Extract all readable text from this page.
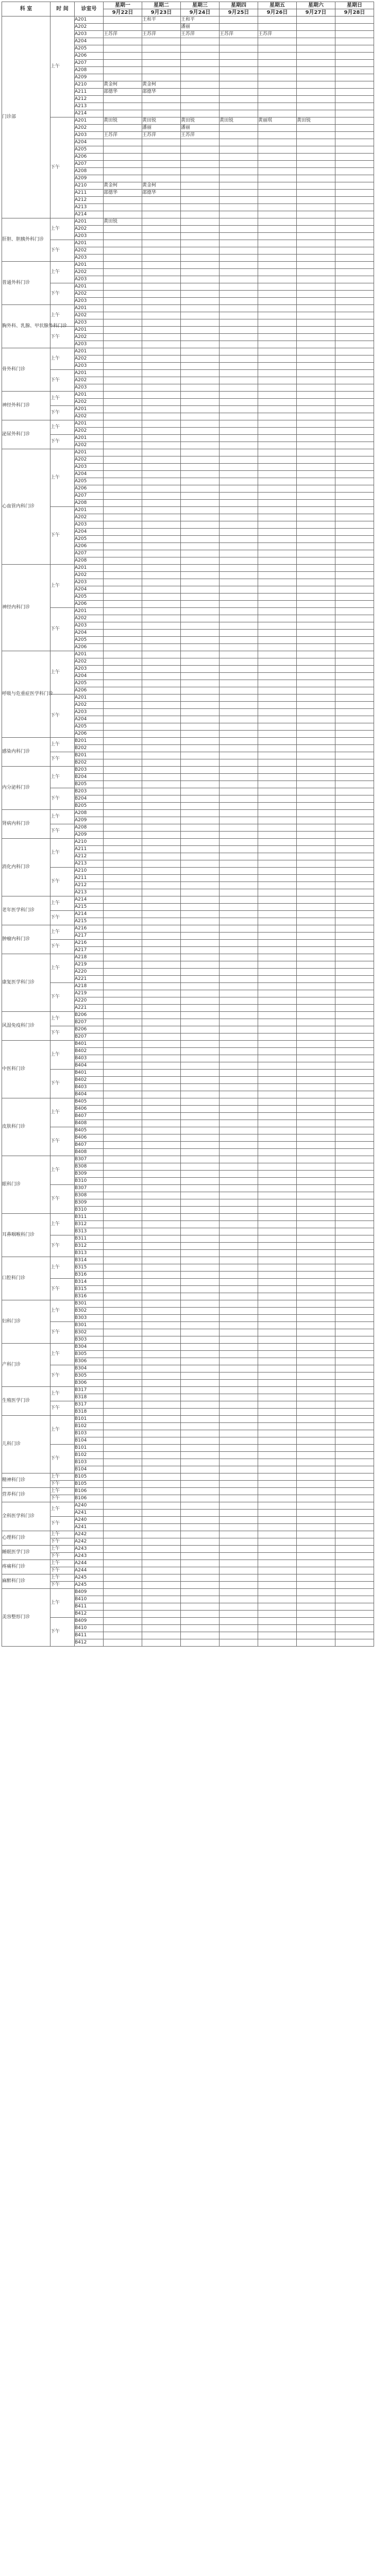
科 室	时 间	诊室号	星期一	星期二	星期三	星期四	星期五	星期六	星期日
			9月22日	9月23日	9月24日	9月25日	9月26日	9月27日	9月28日
门诊部	上午	A201		王和平	王和平				
		A202			潘丽				
		A203	王苏萍	王苏萍	王苏萍	王苏萍	王苏萍		
		A204							
		A205							
		A206							
		A207							
		A208							
		A209							
		A210	黄金柯	黄金柯					
		A211	邵德华	邵德华					
		A212							
		A213							
		A214							
	下午	A201	黄田锐	黄田锐	黄田锐	黄田锐	黄丽琪	黄田锐	
		A202		潘丽	潘丽				
		A203	王苏萍	王苏萍	王苏萍				
		A204							
		A205							
		A206							
		A207							
		A208							
		A209							
		A210	黄金柯	黄金柯					
		A211	邵德华	邵德华					
		A212							
		A213							
		A214							
肝胆、胆胰外科门诊	上午	A201	黄田锐						
		A202							
		A203							
	下午	A201							
		A202							
		A203							
普通外科门诊	上午	A201							
		A202							
		A203							
	下午	A201							
		A202							
		A203							
胸外科、乳腺、甲状腺外科门诊	上午	A201							
		A202							
		A203							
	下午	A201							
		A202							
		A203							
骨外科门诊	上午	A201							
		A202							
		A203							
	下午	A201							
		A202							
		A203							
神经外科门诊	上午	A201							
		A202							
	下午	A201							
		A202							
泌尿外科门诊	上午	A201							
		A202							
	下午	A201							
		A202							
心血管内科门诊	上午	A201							
		A202							
		A203							
		A204							
		A205							
		A206							
		A207							
		A208							
	下午	A201							
		A202							
		A203							
		A204							
		A205							
		A206							
		A207							
		A208							
神经内科门诊	上午	A201							
		A202							
		A203							
		A204							
		A205							
		A206							
	下午	A201							
		A202							
		A203							
		A204							
		A205							
		A206							
呼吸与危重症医学科门诊	上午	A201							
		A202							
		A203							
		A204							
		A205							
		A206							
	下午	A201							
		A202							
		A203							
		A204							
		A205							
		A206							
感染内科门诊	上午	B201							
		B202							
	下午	B201							
		B202							
内分泌科门诊	上午	B203							
		B204							
		B205							
	下午	B203							
		B204							
		B205							
肾病内科门诊	上午	A208							
		A209							
	下午	A208							
		A209							
消化内科门诊	上午	A210							
		A211							
		A212							
		A213							
	下午	A210							
		A211							
		A212							
		A213							
老年医学科门诊	上午	A214							
		A215							
	下午	A214							
		A215							
肿瘤内科门诊	上午	A216							
		A217							
	下午	A216							
		A217							
康复医学科门诊	上午	A218							
		A219							
		A220							
		A221							
	下午	A218							
		A219							
		A220							
		A221							
风湿免疫科门诊	上午	B206							
		B207							
	下午	B206							
		B207							
中医科门诊	上午	B401							
		B402							
		B403							
		B404							
	下午	B401							
		B402							
		B403							
		B404							
皮肤科门诊	上午	B405							
		B406							
		B407							
		B408							
	下午	B405							
		B406							
		B407							
		B408							
眼科门诊	上午	B307							
		B308							
		B309							
		B310							
	下午	B307							
		B308							
		B309							
		B310							
耳鼻咽喉科门诊	上午	B311							
		B312							
		B313							
	下午	B311							
		B312							
		B313							
口腔科门诊	上午	B314							
		B315							
		B316							
	下午	B314							
		B315							
		B316							
妇科门诊	上午	B301							
		B302							
		B303							
	下午	B301							
		B302							
		B303							
产科门诊	上午	B304							
		B305							
		B306							
	下午	B304							
		B305							
		B306							
生殖医学门诊	上午	B317							
		B318							
	下午	B317							
		B318							
儿科门诊	上午	B101							
		B102							
		B103							
		B104							
	下午	B101							
		B102							
		B103							
		B104							
精神科门诊	上午	B105							
	下午	B105							
营养科门诊	上午	B106							
	下午	B106							
全科医学科门诊	上午	A240							
		A241							
	下午	A240							
		A241							
心理科门诊	上午	A242							
	下午	A242							
睡眠医学门诊	上午	A243							
	下午	A243							
疼痛科门诊	上午	A244							
	下午	A244							
麻醉科门诊	上午	A245							
	下午	A245							
美容整形门诊	上午	B409							
		B410							
		B411							
		B412							
	下午	B409							
		B410							
		B411							
		B412							
